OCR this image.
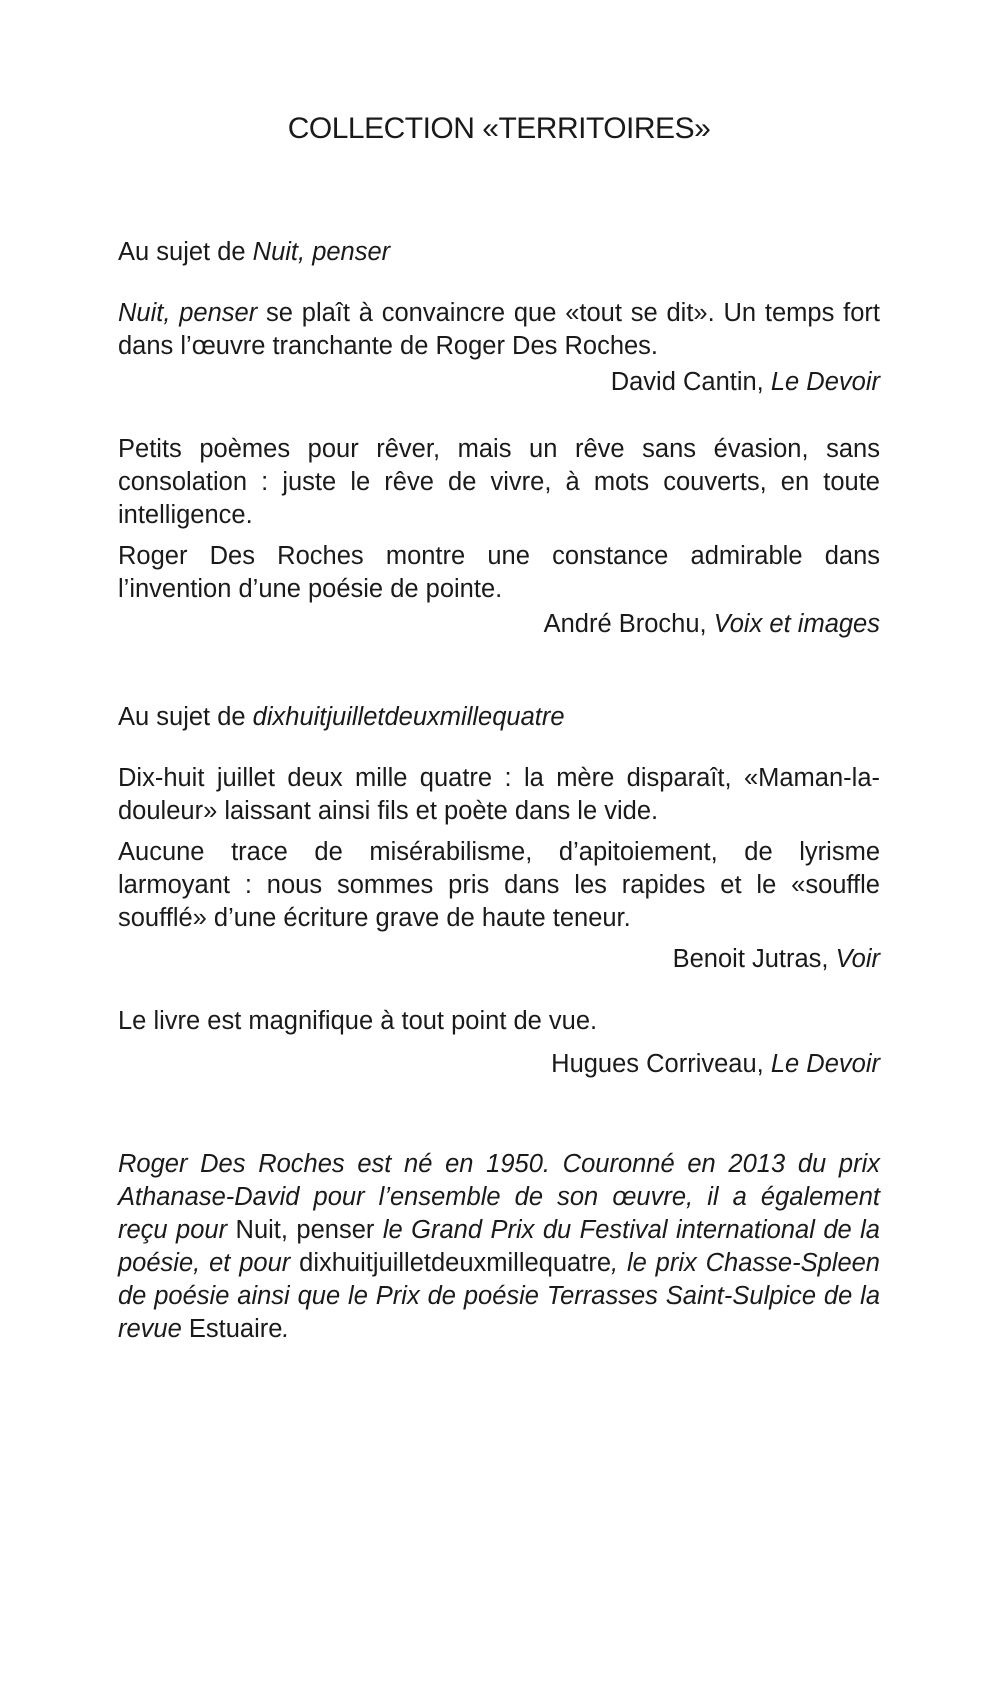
COLLECTION «TERRITOIRES»

Au sujet de Nuit, penser

Nuit, penser se plaît à convaincre que «tout se dit». Un temps fort dans l’œuvre tranchante de Roger Des Roches.

David Cantin, Le Devoir

Petits poèmes pour rêver, mais un rêve sans évasion, sans consolation : juste le rêve de vivre, à mots couverts, en toute intelligence.

Roger Des Roches montre une constance admirable dans l’invention d’une poésie de pointe.

André Brochu, Voix et images

Au sujet de dixhuitjuilletdeuxmillequatre

Dix-huit juillet deux mille quatre : la mère disparaît, «Maman-la-douleur» laissant ainsi fils et poète dans le vide.

Aucune trace de misérabilisme, d’apitoiement, de lyrisme larmoyant : nous sommes pris dans les rapides et le «souffle soufflé» d’une écriture grave de haute teneur.

Benoit Jutras, Voir

Le livre est magnifique à tout point de vue.

Hugues Corriveau, Le Devoir

Roger Des Roches est né en 1950. Couronné en 2013 du prix Athanase-David pour l’ensemble de son œuvre, il a également reçu pour Nuit, penser le Grand Prix du Festival international de la poésie, et pour dixhuitjuilletdeuxmillequatre, le prix Chasse-Spleen de poésie ainsi que le Prix de poésie Terrasses Saint-Sulpice de la revue Estuaire.
